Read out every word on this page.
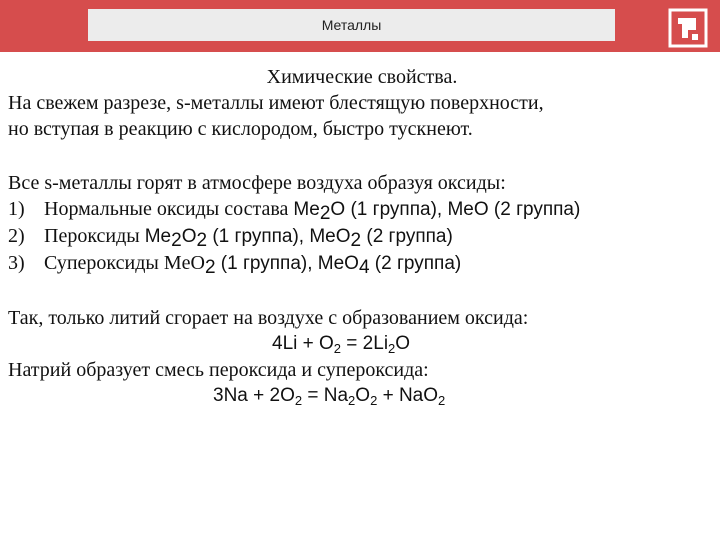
Металлы
Химические свойства.
На свежем разрезе, s-металлы имеют блестящую поверхности,
но вступая в реакцию с кислородом, быстро тускнеют.
Все s-металлы горят в атмосфере воздуха образуя оксиды:
1) Нормальные оксиды состава $Me_2O$ (1 группа), MeO (2 группа)
2) Пероксиды $Me_2O_2$ (1 группа), MeO$_2$ (2 группа)
3) Супероксиды MeO$_2$ (1 группа), MeO$_4$ (2 группа)
Так, только литий сгорает на воздухе с образованием оксида:
$4Li + O_2 = 2Li_2O$
Натрий образует смесь пероксида и супероксида:
$3Na + 2O_2 = Na_2O_2 + NaO_2$
